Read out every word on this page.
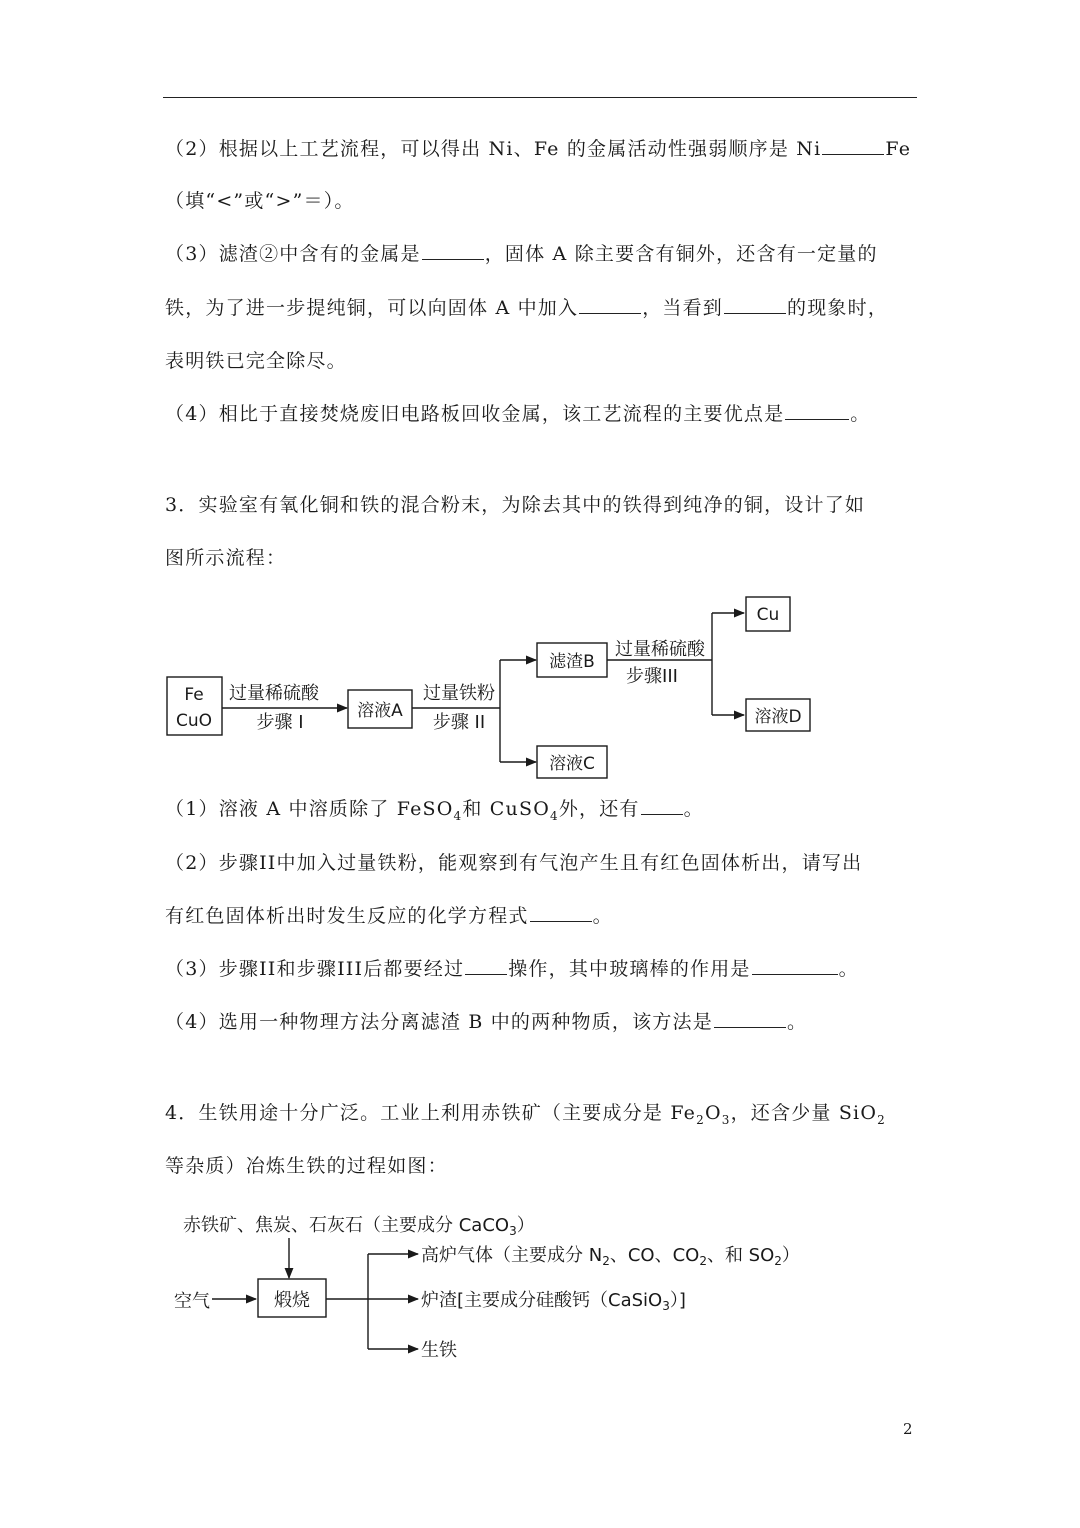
（2）根据以上工艺流程，可以得出 Ni、Fe 的金属活动性强弱顺序是 Ni	Fe
（填“<”或“>”＝）。
（3）滤渣②中含有的金属是	，固体 A 除主要含有铜外，还含有一定量的
铁，为了进一步提纯铜，可以向固体 A 中加入	，当看到	的现象时，
表明铁已完全除尽。
（4）相比于直接焚烧废旧电路板回收金属，该工艺流程的主要优点是	。
3．实验室有氧化铜和铁的混合粉末，为除去其中的铁得到纯净的铜，设计了如
图所示流程：
Fe
CuO
过量稀硫酸
步骤 I
溶液A
过量铁粉
步骤 II
滤渣B
溶液C
过量稀硫酸
步骤III
Cu
溶液D
赤铁矿、焦炭、石灰石（主要成分 CaCO$_3$）
空气	煅烧
高炉气体（主要成分 $N_2$、CO、$CO_2$、和 $SO_2$）
炉渣[主要成分硅酸钙（CaSiO$_3$）]
生铁
（1）溶液 A 中溶质除了 FeSO$_4$和 CuSO$_4$外，还有 。
（2）步骤II中加入过量铁粉，能观察到有气泡产生且有红色固体析出，请写出
有红色固体析出时发生反应的化学方程式	。
（3）步骤II和步骤III后都要经过 操作，其中玻璃棒的作用是	。
（4）选用一种物理方法分离滤渣 B 中的两种物质，该方法是	。
4．生铁用途十分广泛。工业上利用赤铁矿（主要成分是 $Fe_2O_3$，还含少量 SiO$_2$
等杂质）冶炼生铁的过程如图：
2
